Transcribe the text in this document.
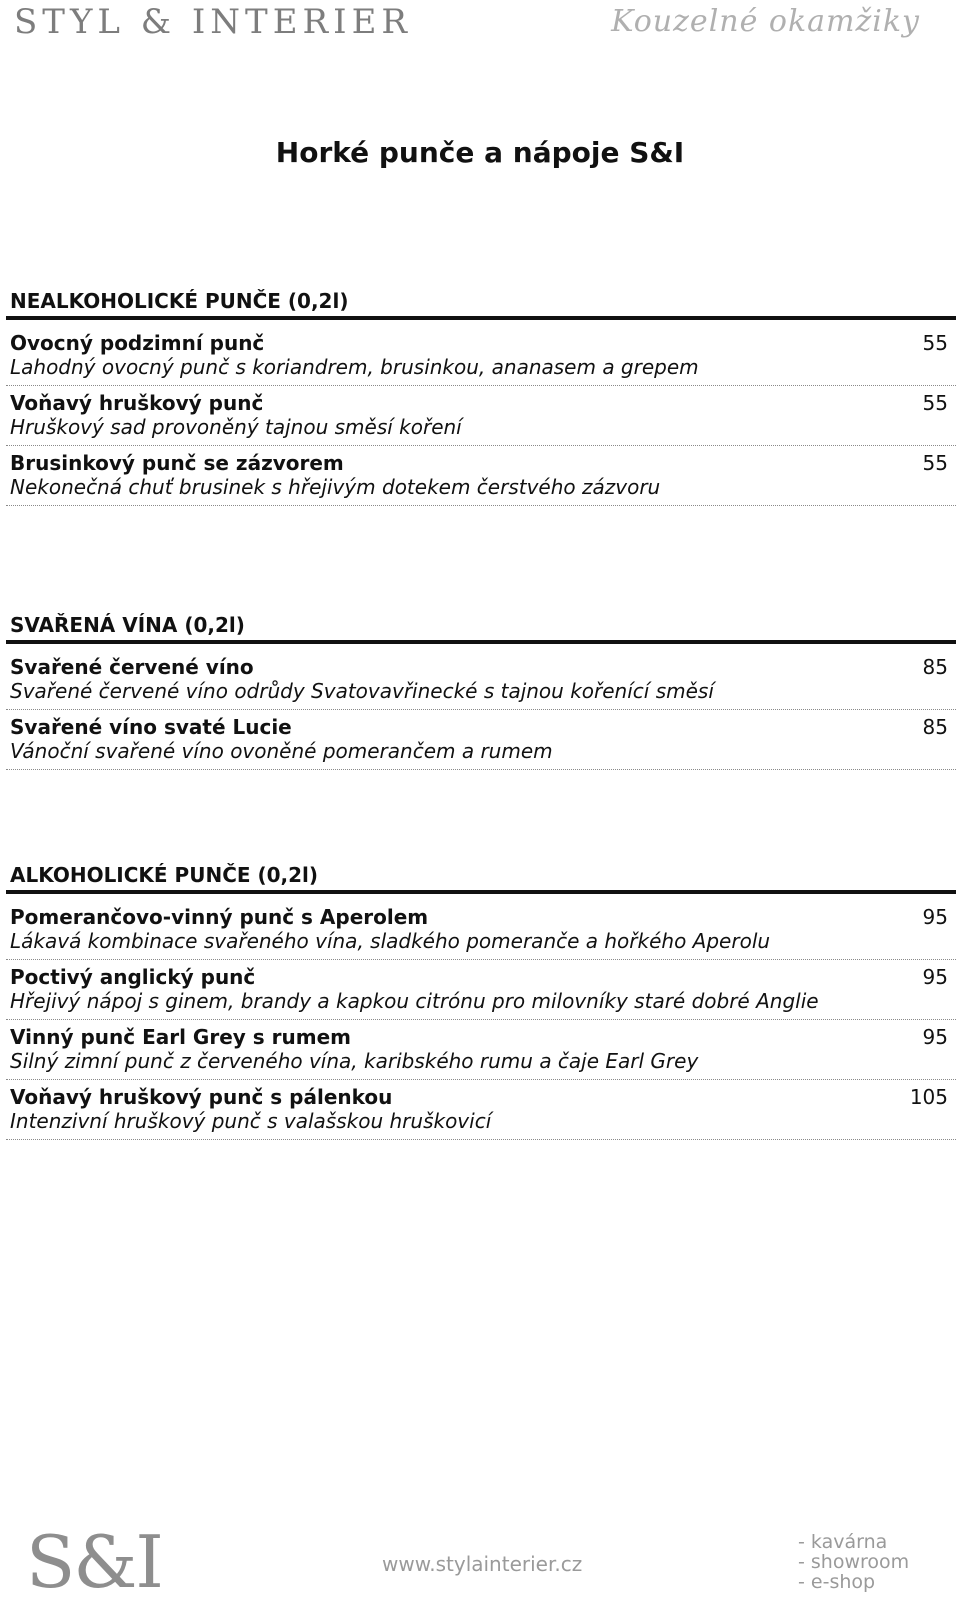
STYL & INTERIER	Kouzelné okamžiky
Horké punče a nápoje S&I
NEALKOHOLICKÉ PUNČE (0,2l)
Ovocný podzimní punč
Lahodný ovocný punč s koriandrem, brusinkou, ananasem a grepem
55
Voňavý hruškový punč
Hruškový sad provoněný tajnou směsí koření
55
Brusinkový punč se zázvorem
Nekonečná chuť brusinek s hřejivým dotekem čerstvého zázvoru
55
SVAŘENÁ VÍNA (0,2l)
Svařené červené víno
Svařené červené víno odrůdy Svatovavřinecké s tajnou kořenící směsí
85
Svařené víno svaté Lucie
Vánoční svařené víno ovoněné pomerančem a rumem
85
ALKOHOLICKÉ PUNČE (0,2l)
Pomerančovo-vinný punč s Aperolem
Lákavá kombinace svařeného vína, sladkého pomeranče a hořkého Aperolu
95
Poctivý anglický punč
Hřejivý nápoj s ginem, brandy a kapkou citrónu pro milovníky staré dobré Anglie
95
Vinný punč Earl Grey s rumem
Silný zimní punč z červeného vína, karibského rumu a čaje Earl Grey
95
Voňavý hruškový punč s pálenkou
Intenzivní hruškový punč s valašskou hruškovicí
105
S&I	www.stylainterier.cz
- kavárna
- showroom
- e-shop
